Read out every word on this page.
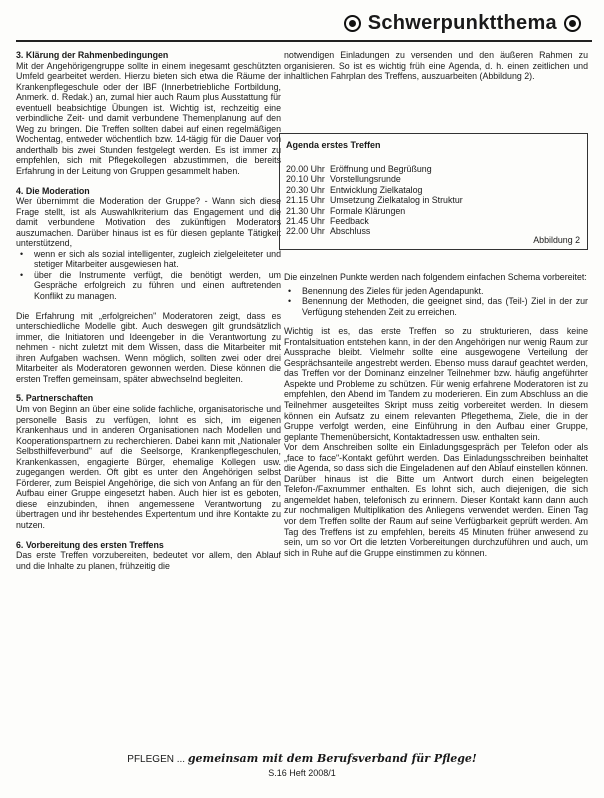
Schwerpunktthema
3. Klärung der Rahmenbedingungen

Mit der Angehörigengruppe sollte in einem inegesamt geschützten Umfeld gearbeitet werden. Hierzu bieten sich etwa die Räume der Krankenpflegeschule oder der IBF (Innerbetriebliche Fortbildung, Anmerk. d. Redak.) an, zumal hier auch Raum plus Ausstattung für eventuell beabsichtige Übungen ist. Wichtig ist, rechzeitig eine verbindliche Zeit- und damit verbundene Themenplanung auf den Weg zu bringen. Die Treffen sollten dabei auf einen regelmäßigen Wochentag, entweder wöchentlich bzw. 14-tägig für die Dauer von anderthalb bis zwei Stunden festgelegt werden. Es ist immer zu empfehlen, sich mit Pflegekollegen abzustimmen, die bereits Erfahrung in der Leitung von Gruppen gesammelt haben.

4. Die Moderation

Wer übernimmt die Moderation der Gruppe? - Wann sich diese Frage stellt, ist als Auswahlkriterium das Engagement und die damit verbundene Motivation des zukünftigen Moderators auszumachen. Darüber hinaus ist es für diesen geplante Tätigkeit unterstützend,

• wenn er sich als sozial intelligenter, zugleich zielgeleiteter und stetiger Mitarbeiter ausgewiesen hat.
• über die Instrumente verfügt, die benötigt werden, um Gespräche erfolgreich zu führen und einen auftretenden Konflikt zu managen.

Die Erfahrung mit „erfolgreichen" Moderatoren zeigt, dass es unterschiedliche Modelle gibt. Auch deswegen gilt grundsätzlich immer, die Initiatoren und Ideengeber in die Verantwortung zu nehmen - nicht zuletzt mit dem Wissen, dass die Mitarbeiter mit ihren Aufgaben wachsen. Wenn möglich, sollten zwei oder drei Mitarbeiter als Moderatoren gewonnen werden. Diese können die ersten Treffen gemeinsam, später abwechselnd begleiten.

5. Partnerschaften

Um von Beginn an über eine solide fachliche, organisatorische und personelle Basis zu verfügen, lohnt es sich, im eigenen Krankenhaus und in anderen Organisationen nach Modellen und Kooperationspartnern zu recherchieren. Dabei kann mit „Nationaler Selbsthilfeverbund" auf die Seelsorge, Krankenpflegeschulen, Krankenkassen, engagierte Bürger, ehemalige Kollegen usw. zugegangen werden. Oft gibt es unter den Angehörigen selbst Förderer, zum Beispiel Angehörige, die sich von Anfang an für den Aufbau einer Gruppe eingesetzt haben. Auch hier ist es geboten, diese einzubinden, ihnen angemessene Verantwortung zu übertragen und ihr bestehendes Expertentum und ihre Kontakte zu nutzen.

6. Vorbereitung des ersten Treffens

Das erste Treffen vorzubereiten, bedeutet vor allem, den Ablauf und die Inhalte zu planen, frühzeitig die

notwendigen Einladungen zu versenden und den äußeren Rahmen zu organisieren. So ist es wichtig früh eine Agenda, d. h. einen zeitlichen und inhaltlichen Fahrplan des Treffens, auszuarbeiten (Abbildung 2).

Agenda erstes Treffen
20.00 Uhr Eröffnung und Begrüßung
20.10 Uhr Vorstellungsrunde
20.30 Uhr Entwicklung Zielkatalog
21.15 Uhr Umsetzung Zielkatalog in Struktur
21.30 Uhr Formale Klärungen
21.45 Uhr Feedback
22.00 Uhr Abschluss
Abbildung 2

Die einzelnen Punkte werden nach folgendem einfachen Schema vorbereitet:

• Benennung des Zieles für jeden Agendapunkt.
• Benennung der Methoden, die geeignet sind, das (Teil-) Ziel in der zur Verfügung stehenden Zeit zu erreichen.

Wichtig ist es, das erste Treffen so zu strukturieren, dass keine Frontalsituation entstehen kann, in der den Angehörigen nur wenig Raum zur Aussprache bleibt. Vielmehr sollte eine ausgewogene Verteilung der Gesprächsanteile angestrebt werden. Ebenso muss darauf geachtet werden, das Treffen vor der Dominanz einzelner Teilnehmer bzw. häufig angeführter Aspekte und Probleme zu schützen. Für wenig erfahrene Moderatoren ist zu empfehlen, den Abend im Tandem zu moderieren. Ein zum Abschluss an die Teilnehmer ausgeteiltes Skript muss zeitig vorbereitet werden. In diesem können ein Aufsatz zu einem relevanten Pflegethema, Ziele, die in der Gruppe verfolgt werden, eine Einführung in den Aufbau einer Gruppe, geplante Themenübersicht, Kontaktadressen usw. enthalten sein.

Vor dem Anschreiben sollte ein Einladungsgespräch per Telefon oder als „face to face"-Kontakt geführt werden. Das Einladungsschreiben beinhaltet die Agenda, so dass sich die Eingeladenen auf den Ablauf einstellen können. Darüber hinaus ist die Bitte um Antwort durch einen beigelegten Telefon-/Faxnummer enthalten. Es lohnt sich, auch diejenigen, die sich angemeldet haben, telefonisch zu erinnern. Dieser Kontakt kann dann auch zur nochmaligen Multiplikation des Anliegens verwendet werden. Einen Tag vor dem Treffen sollte der Raum auf seine Verfügbarkeit geprüft werden. Am Tag des Treffens ist zu empfehlen, bereits 45 Minuten früher anwesend zu sein, um so vor Ort die letzten Vorbereitungen durchzuführen und auch, um sich in Ruhe auf die Gruppe einstimmen zu können.

PFLEGEN ... gemeinsam mit dem Berufsverband für Pflege!
S.16 Heft 2008/1
